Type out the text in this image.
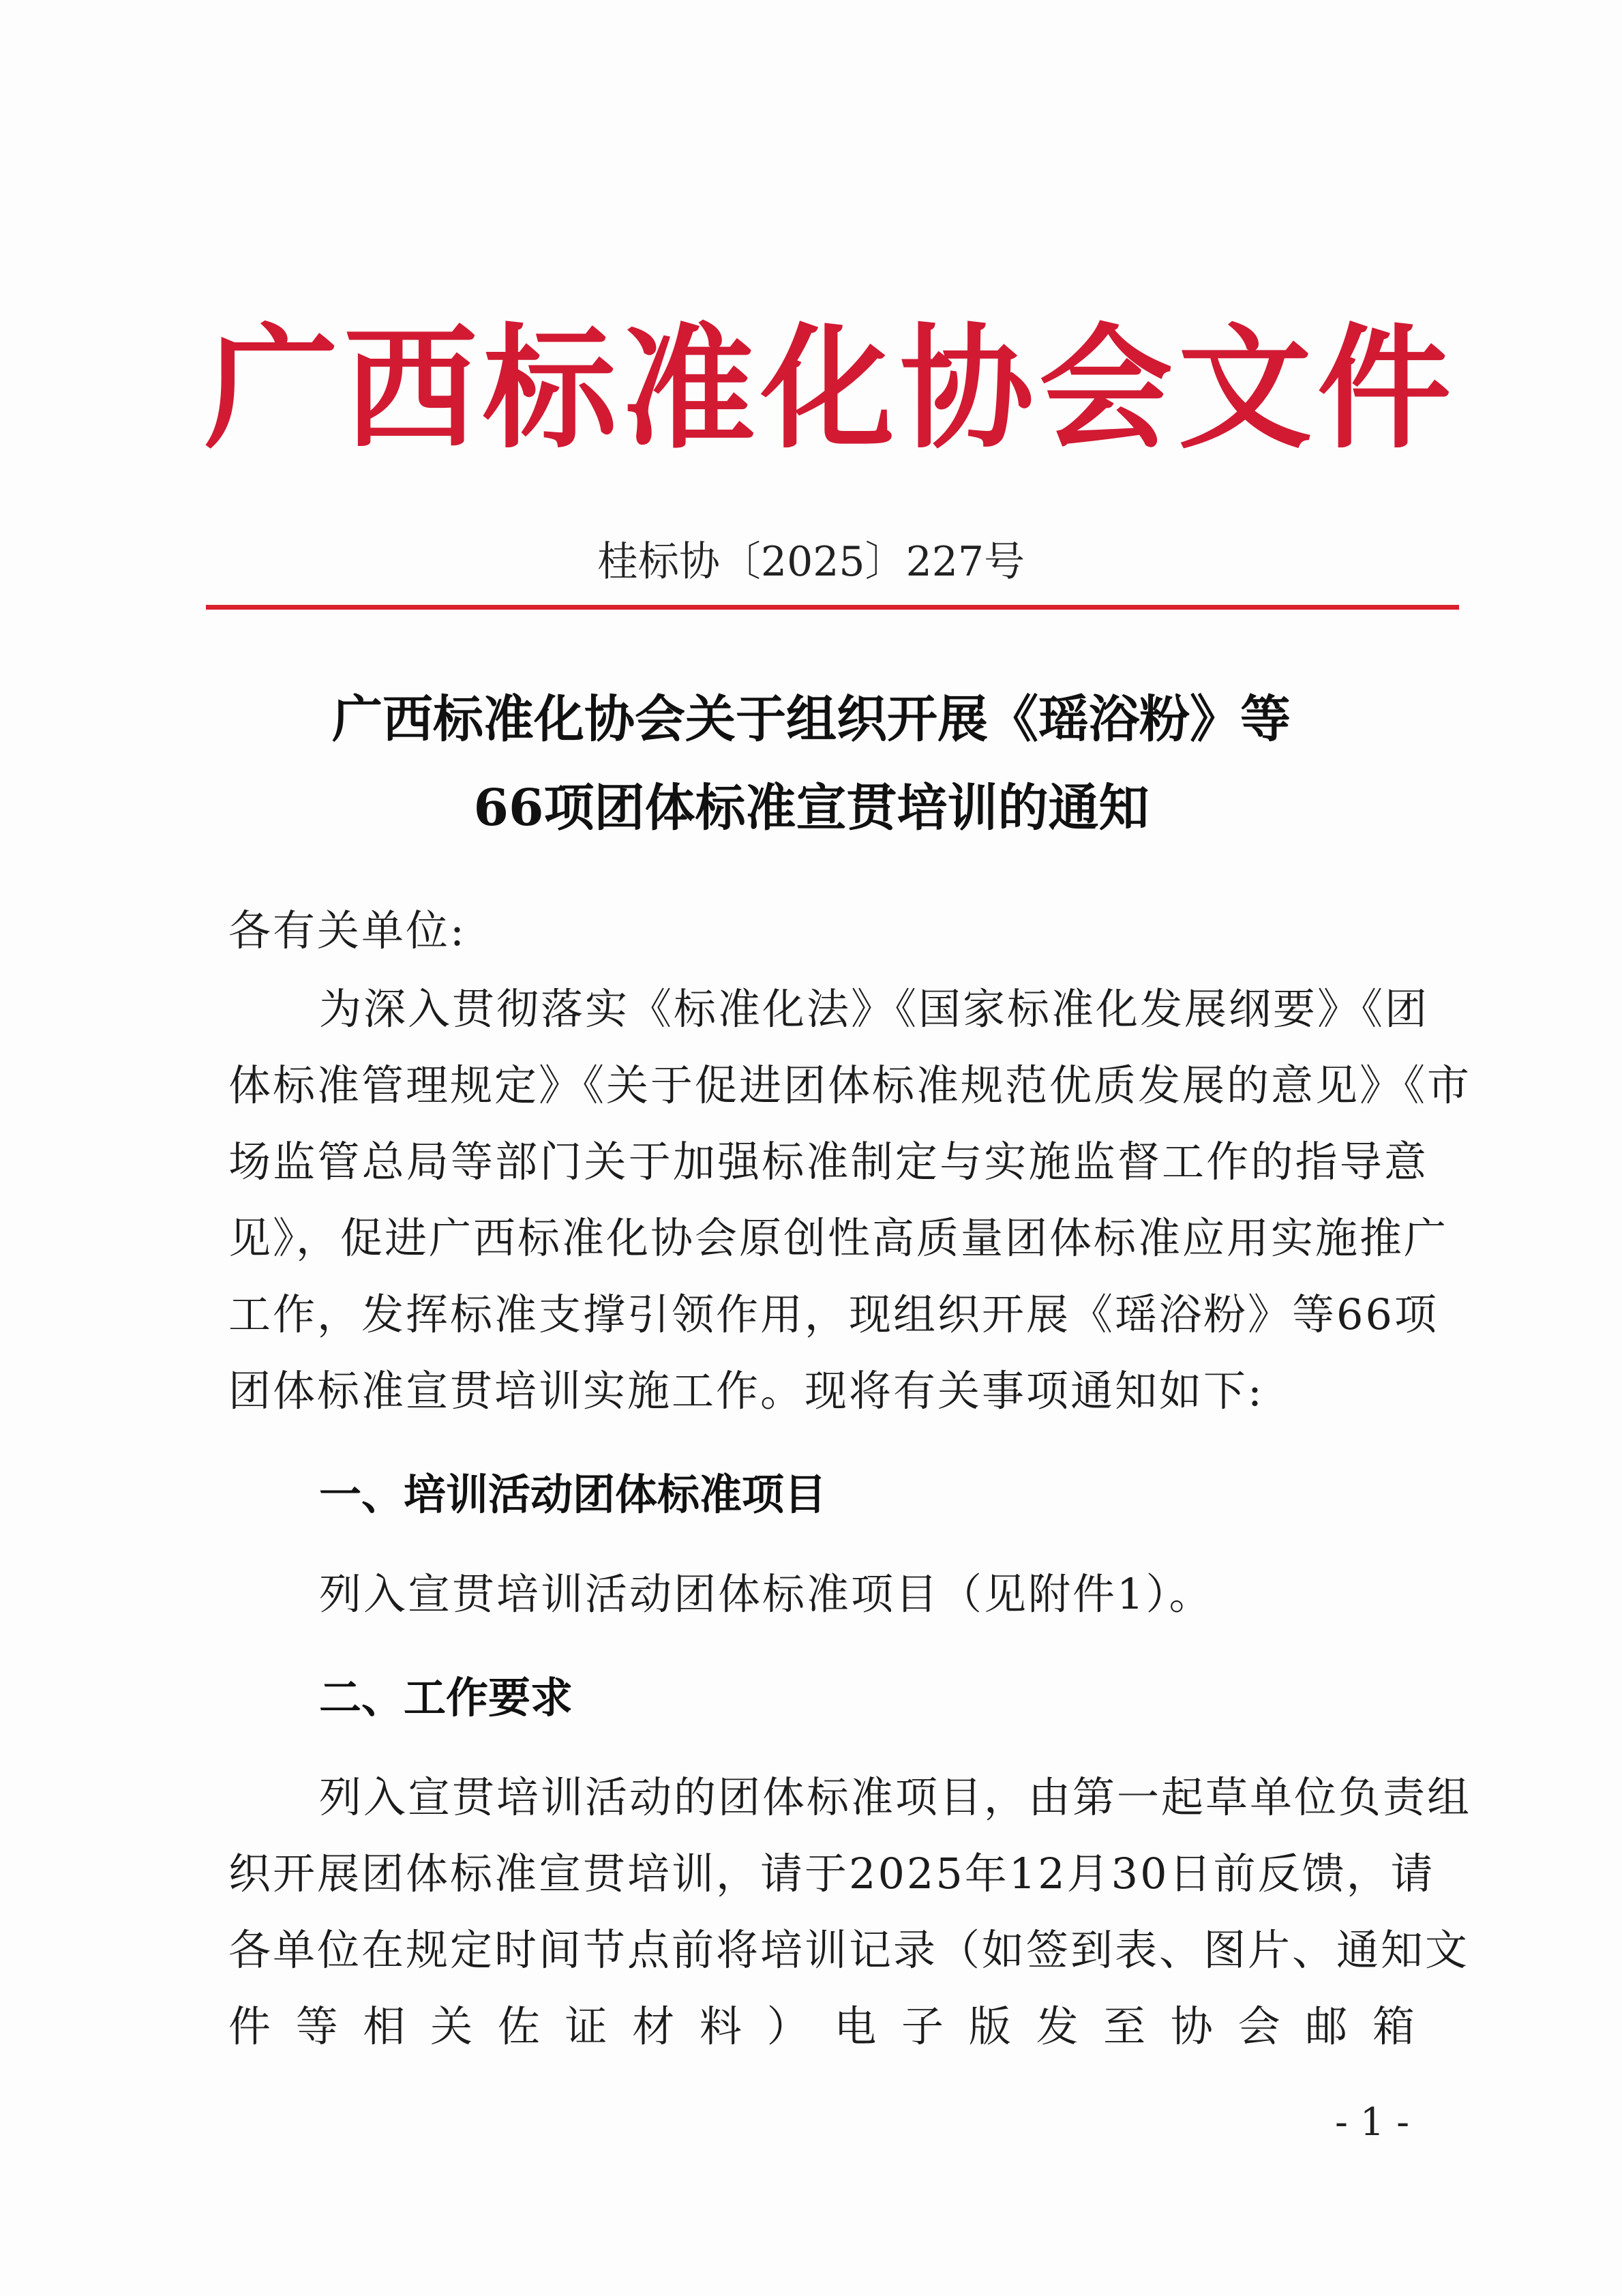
广西标准化协会文件
桂标协〔2025〕227号
广西标准化协会关于组织开展《瑶浴粉》等
66项团体标准宣贯培训的通知
各有关单位:
为深入贯彻落实《标准化法》《国家标准化发展纲要》《团
体标准管理规定》《关于促进团体标准规范优质发展的意见》《市
场监管总局等部门关于加强标准制定与实施监督工作的指导意
见》，促进广西标准化协会原创性高质量团体标准应用实施推广
工作，发挥标准支撑引领作用，现组织开展《瑶浴粉》等66项
团体标准宣贯培训实施工作。现将有关事项通知如下:
一、培训活动团体标准项目
列入宣贯培训活动团体标准项目（见附件1）。
二、工作要求
列入宣贯培训活动的团体标准项目，由第一起草单位负责组
织开展团体标准宣贯培训，请于2025年12月30日前反馈，请
各单位在规定时间节点前将培训记录（如签到表、图片、通知文
件等相关佐证材料）电子版发至协会邮箱
- 1 -
